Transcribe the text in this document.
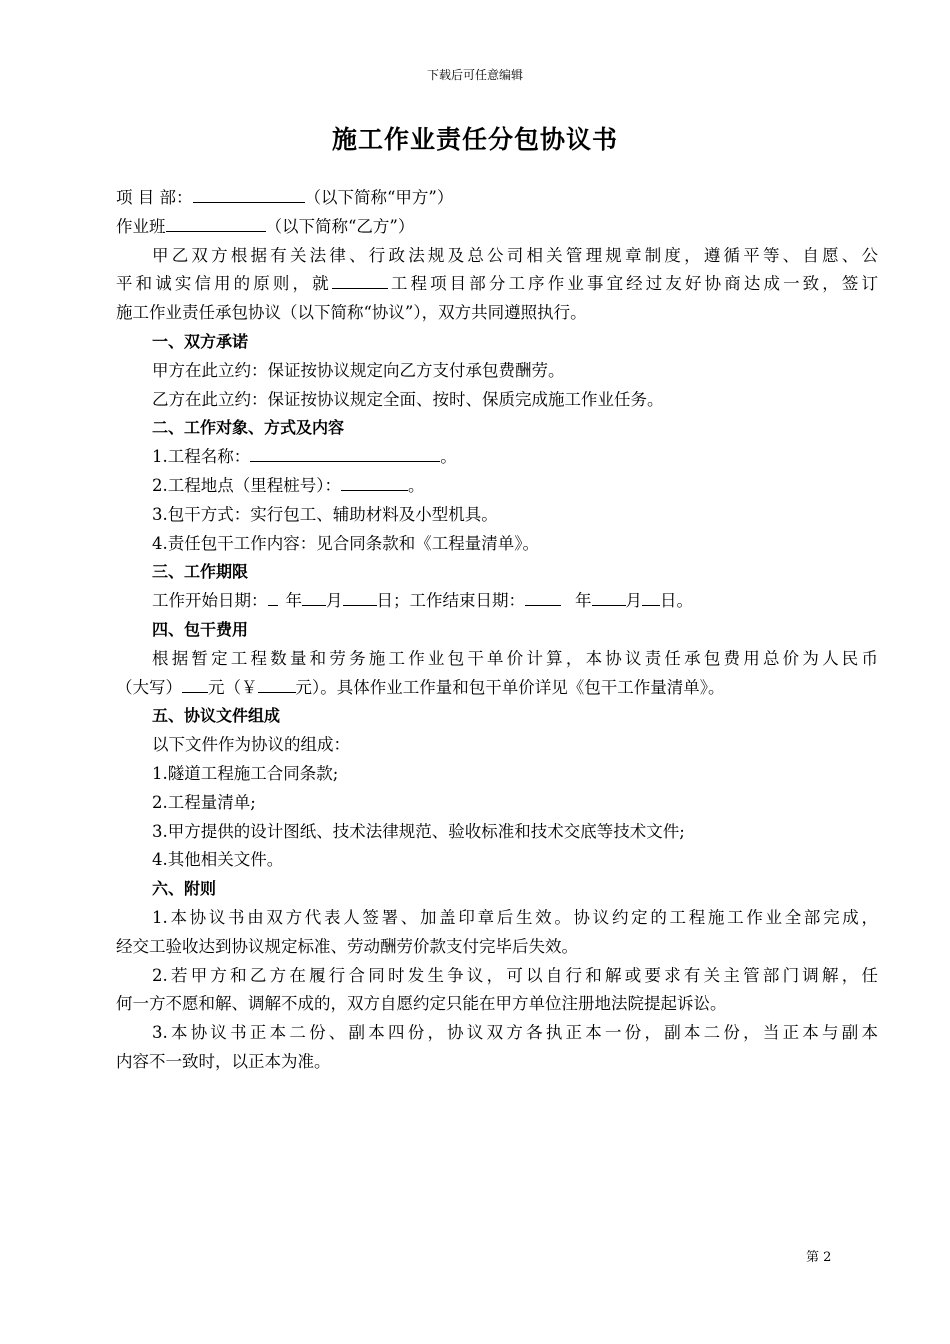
下载后可任意编辑
施工作业责任分包协议书
项 目 部：	（以下简称“甲方”）
作业班	（以下简称“乙方”）
甲乙双方根据有关法律、行政法规及总公司相关管理规章制度，遵循平等、自愿、公
平和诚实信用的原则，就	工程项目部分工序作业事宜经过友好协商达成一致，签订
施工作业责任承包协议（以下简称“协议”），双方共同遵照执行。
一、双方承诺
甲方在此立约：保证按协议规定向乙方支付承包费酬劳。
乙方在此立约：保证按协议规定全面、按时、保质完成施工作业任务。
二、工作对象、方式及内容
1.工程名称：	。
2.工程地点（里程桩号）：	。
3.包干方式：实行包工、辅助材料及小型机具。
4.责任包干工作内容：见合同条款和《工程量清单》。
三、工作期限
工作开始日期： 年 月 日；工作结束日期：	年 月 日。
四、包干费用
根据暂定工程数量和劳务施工作业包干单价计算，本协议责任承包费用总价为人民币
（大写） 元（￥ 元）。具体作业工作量和包干单价详见《包干工作量清单》。
五、协议文件组成
以下文件作为协议的组成：
1.隧道工程施工合同条款;
2.工程量清单;
3.甲方提供的设计图纸、技术法律规范、验收标准和技术交底等技术文件;
4.其他相关文件。
六、附则
1.本协议书由双方代表人签署、加盖印章后生效。协议约定的工程施工作业全部完成，
经交工验收达到协议规定标准、劳动酬劳价款支付完毕后失效。
2.若甲方和乙方在履行合同时发生争议，可以自行和解或要求有关主管部门调解，任
何一方不愿和解、调解不成的，双方自愿约定只能在甲方单位注册地法院提起诉讼。
3.本协议书正本二份、副本四份，协议双方各执正本一份，副本二份，当正本与副本
内容不一致时，以正本为准。
第 2
